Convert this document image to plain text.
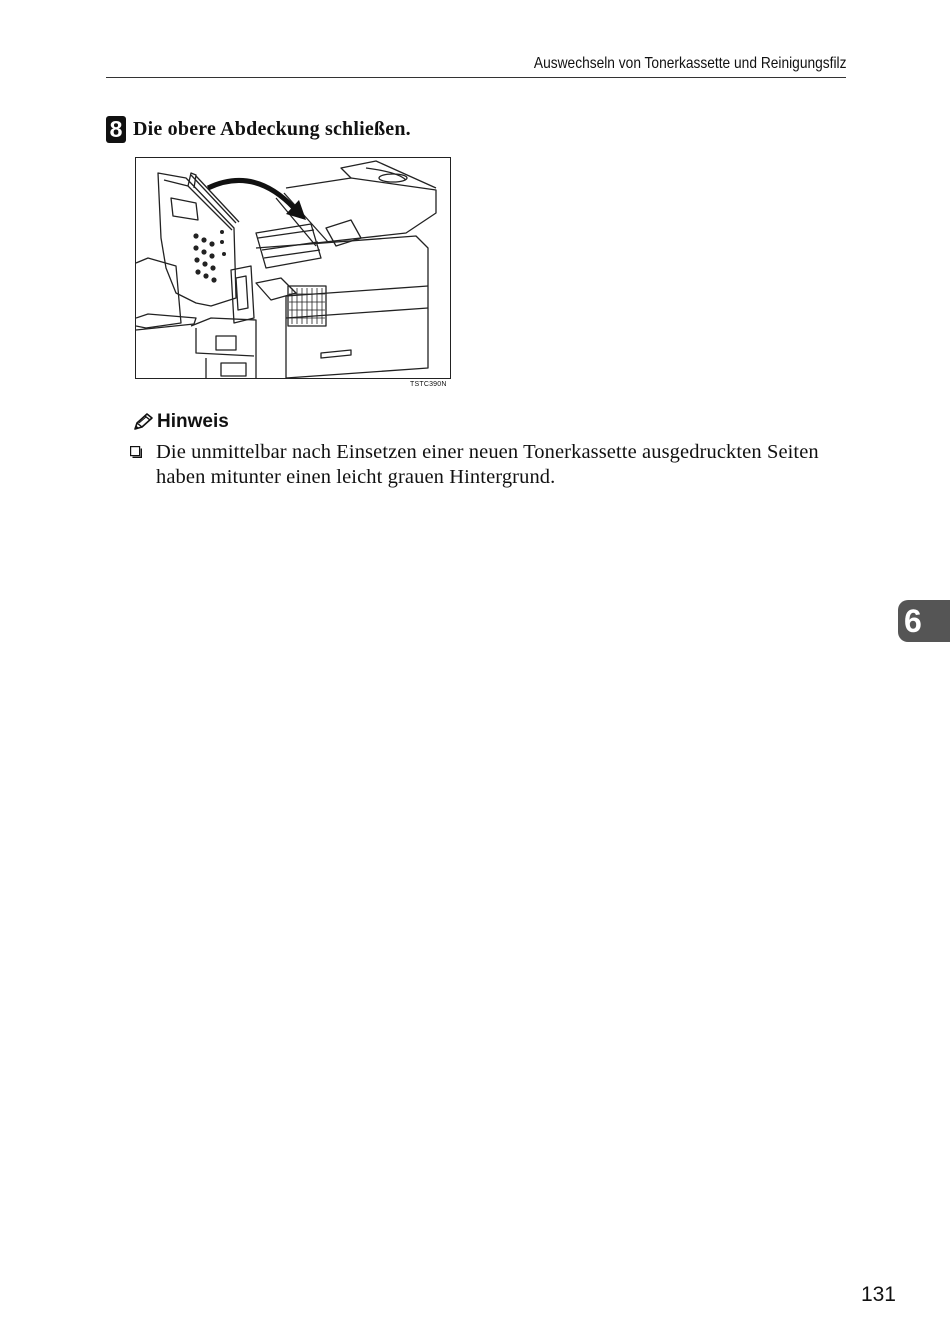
Auswechseln von Tonerkassette und Reinigungsfilz
8 Die obere Abdeckung schließen.
TSTC390N
Hinweis
Die unmittelbar nach Einsetzen einer neuen Tonerkassette ausgedruckten Seiten haben mitunter einen leicht grauen Hintergrund.
6
131
